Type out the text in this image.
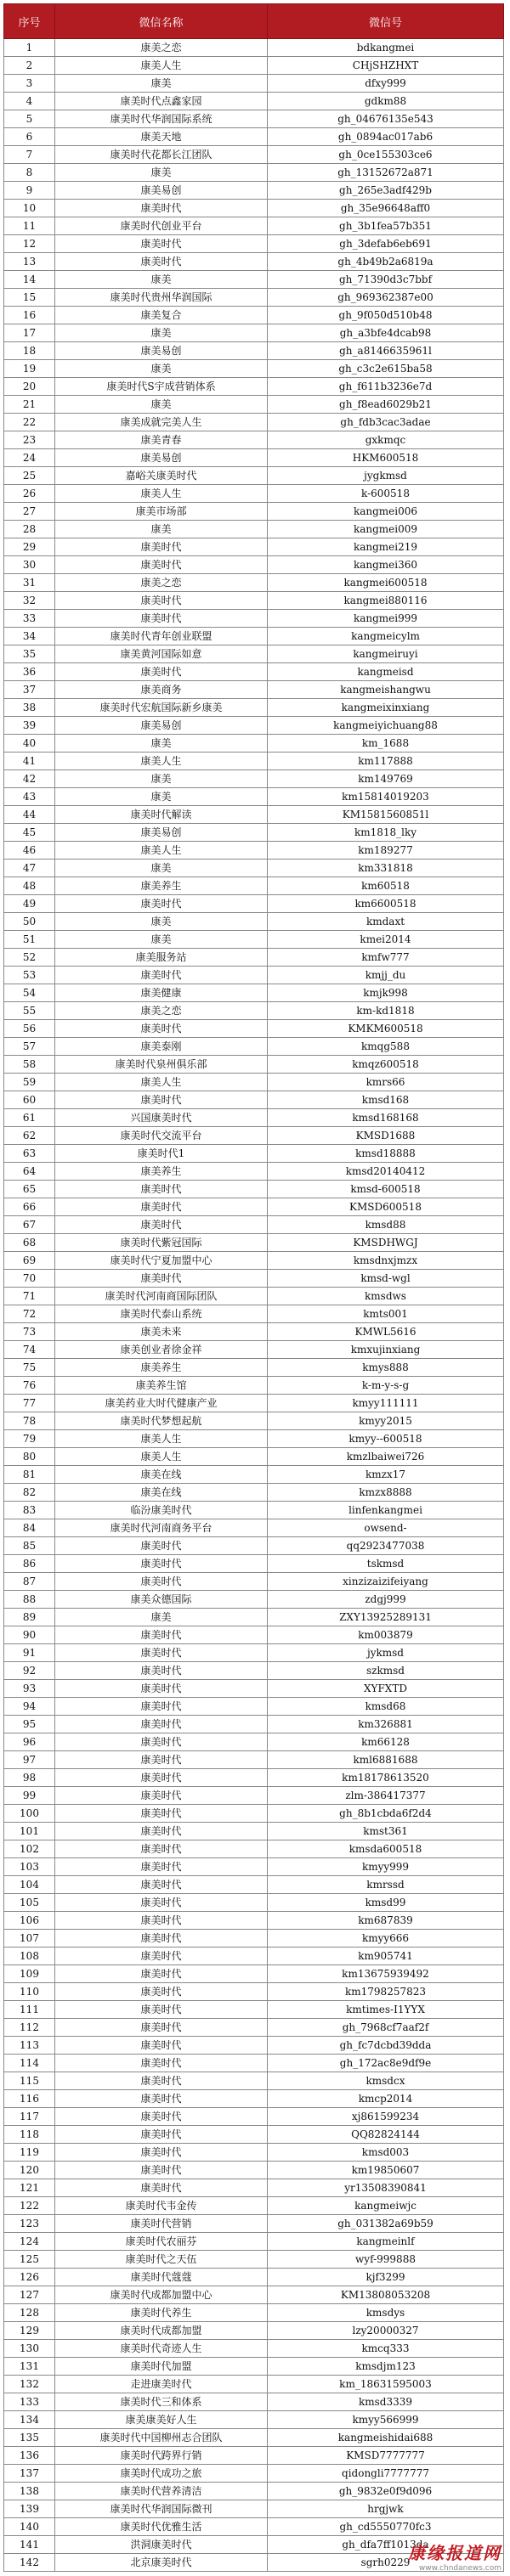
序号	微信名称	微信号
1	康美之恋	bdkangmei
2	康美人生	CHjSHZHXT
3	康美	dfxy999
4	康美时代点鑫家园	gdkm88
5	康美时代华润国际系统	gh_04676135e543
6	康美天地	gh_0894ac017ab6
7	康美时代花都长江团队	gh_0ce155303ce6
8	康美	gh_13152672a871
9	康美易创	gh_265e3adf429b
10	康美时代	gh_35e96648aff0
11	康美时代创业平台	gh_3b1fea57b351
12	康美时代	gh_3defab6eb691
13	康美时代	gh_4b49b2a6819a
14	康美	gh_71390d3c7bbf
15	康美时代贵州华润国际	gh_969362387e00
16	康美复合	gh_9f050d510b48
17	康美	gh_a3bfe4dcab98
18	康美易创	gh_a8146635961l
19	康美	gh_c3c2e615ba58
20	康美时代S宇成营销体系	gh_f611b3236e7d
21	康美	gh_f8ead6029b21
22	康美成就完美人生	gh_fdb3cac3adae
23	康美青春	gxkmqc
24	康美易创	HKM600518
25	嘉峪关康美时代	jygkmsd
26	康美人生	k-600518
27	康美市场部	kangmei006
28	康美	kangmei009
29	康美时代	kangmei219
30	康美时代	kangmei360
31	康美之恋	kangmei600518
32	康美时代	kangmei880116
33	康美时代	kangmei999
34	康美时代青年创业联盟	kangmeicylm
35	康美黄河国际如意	kangmeiruyi
36	康美时代	kangmeisd
37	康美商务	kangmeishangwu
38	康美时代宏航国际新乡康美	kangmeixinxiang
39	康美易创	kangmeiyichuang88
40	康美	km_1688
41	康美人生	km117888
42	康美	km149769
43	康美	km15814019203
44	康美时代解读	KM1581560851l
45	康美易创	km1818_lky
46	康美人生	km189277
47	康美	km331818
48	康美养生	km60518
49	康美时代	km6600518
50	康美	kmdaxt
51	康美	kmei2014
52	康美服务站	kmfw777
53	康美时代	kmjj_du
54	康美健康	kmjk998
55	康美之恋	km-kd1818
56	康美时代	KMKM600518
57	康美泰刚	kmqg588
58	康美时代泉州俱乐部	kmqz600518
59	康美人生	kmrs66
60	康美时代	kmsd168
61	兴国康美时代	kmsd168168
62	康美时代交流平台	KMSD1688
63	康美时代1	kmsd18888
64	康美养生	kmsd20140412
65	康美时代	kmsd-600518
66	康美时代	KMSD600518
67	康美时代	kmsd88
68	康美时代紫冠国际	KMSDHWGJ
69	康美时代宁夏加盟中心	kmsdnxjmzx
70	康美时代	kmsd-wgl
71	康美时代河南商国际团队	kmsdws
72	康美时代泰山系统	kmts001
73	康美未来	KMWL5616
74	康美创业者徐金祥	kmxujinxiang
75	康美养生	kmys888
76	康美养生馆	k-m-y-s-g
77	康美药业大时代健康产业	kmyy111111
78	康美时代梦想起航	kmyy2015
79	康美人生	kmyy--600518
80	康美人生	kmzlbaiwei726
81	康美在线	kmzx17
82	康美在线	kmzx8888
83	临汾康美时代	linfenkangmei
84	康美时代河南商务平台	owsend-
85	康美时代	qq2923477038
86	康美时代	tskmsd
87	康美时代	xinzizaizifeiyang
88	康美众德国际	zdgj999
89	康美	ZXY13925289131
90	康美时代	km003879
91	康美时代	jykmsd
92	康美时代	szkmsd
93	康美时代	XYFXTD
94	康美时代	kmsd68
95	康美时代	km326881
96	康美时代	km66128
97	康美时代	kml6881688
98	康美时代	km18178613520
99	康美时代	zlm-386417377
100	康美时代	gh_8b1cbda6f2d4
101	康美时代	kmst361
102	康美时代	kmsda600518
103	康美时代	kmyy999
104	康美时代	kmrssd
105	康美时代	kmsd99
106	康美时代	km687839
107	康美时代	kmyy666
108	康美时代	km905741
109	康美时代	km13675939492
110	康美时代	km1798257823
111	康美时代	kmtimes-I1YYX
112	康美时代	gh_7968cf7aaf2f
113	康美时代	gh_fc7dcbd39dda
114	康美时代	gh_172ac8e9df9e
115	康美时代	kmsdcx
116	康美时代	kmcp2014
117	康美时代	xj861599234
118	康美时代	QQ82824144
119	康美时代	kmsd003
120	康美时代	km19850607
121	康美时代	yr13508390841
122	康美时代韦金传	kangmeiwjc
123	康美时代营销	gh_031382a69b59
124	康美时代农丽芬	kangmeinlf
125	康美时代之天伍	wyf-999888
126	康美时代蔻蔻	kjf3299
127	康美时代成都加盟中心	KM13808053208
128	康美时代养生	kmsdys
129	康美时代成都加盟	lzy20000327
130	康美时代奇迹人生	kmcq333
131	康美时代加盟	kmsdjm123
132	走进康美时代	km_18631595003
133	康美时代三和体系	kmsd3339
134	康美康美好人生	kmyy566999
135	康美时代中国柳州志合团队	kangmeishidai688
136	康美时代跨界行销	KMSD7777777
137	康美时代成功之旅	qidongli7777777
138	康美时代营养清洁	gh_9832e0f9d096
139	康美时代华润国际微刊	hrgjwk
140	康美时代优雅生活	gh_cd5550770fc3
141	洪洞康美时代	gh_dfa7ff1013da
142	北京康美时代	sgrh0229
康缘报道网
www.chndanews.com
